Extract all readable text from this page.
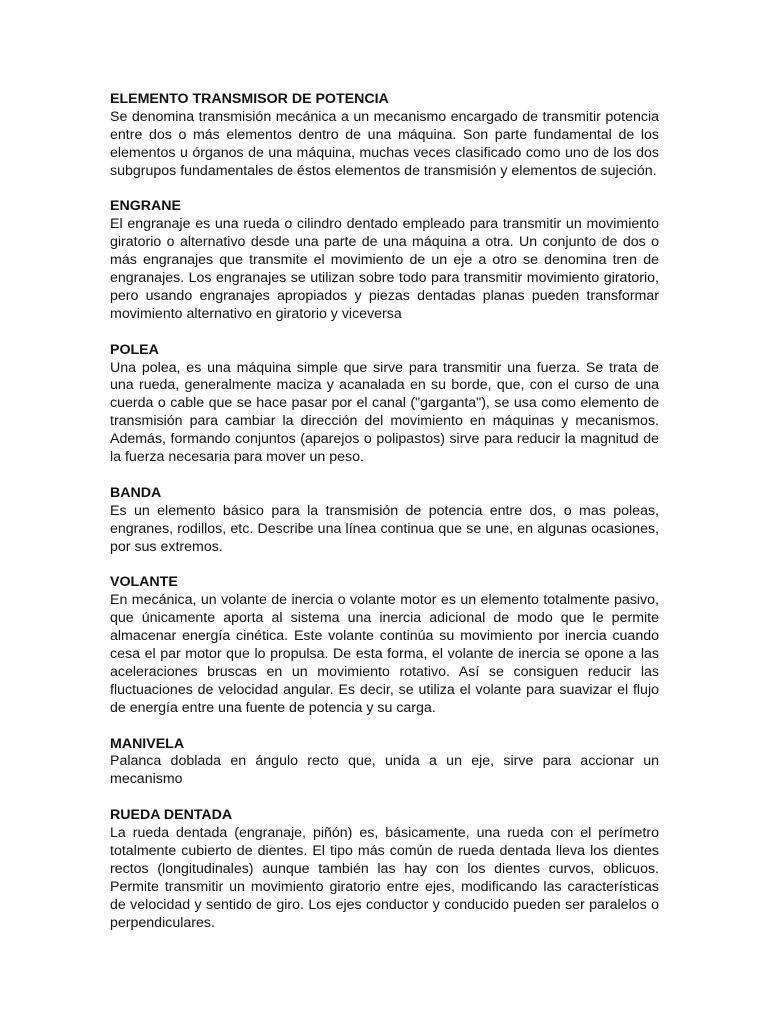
ELEMENTO TRANSMISOR DE POTENCIA

Se denomina transmisión mecánica a un mecanismo encargado de transmitir potencia entre dos o más elementos dentro de una máquina. Son parte fundamental de los elementos u órganos de una máquina, muchas veces clasificado como uno de los dos subgrupos fundamentales de éstos elementos de transmisión y elementos de sujeción.

ENGRANE

El engranaje es una rueda o cilindro dentado empleado para transmitir un movimiento giratorio o alternativo desde una parte de una máquina a otra. Un conjunto de dos o más engranajes que transmite el movimiento de un eje a otro se denomina tren de engranajes. Los engranajes se utilizan sobre todo para transmitir movimiento giratorio, pero usando engranajes apropiados y piezas dentadas planas pueden transformar movimiento alternativo en giratorio y viceversa

POLEA

Una polea, es una máquina simple que sirve para transmitir una fuerza. Se trata de una rueda, generalmente maciza y acanalada en su borde, que, con el curso de una cuerda o cable que se hace pasar por el canal ("garganta"), se usa como elemento de transmisión para cambiar la dirección del movimiento en máquinas y mecanismos. Además, formando conjuntos (aparejos o polipastos) sirve para reducir la magnitud de la fuerza necesaria para mover un peso.

BANDA

Es un elemento básico para la transmisión de potencia entre dos, o mas poleas, engranes, rodillos, etc. Describe una línea continua que se une, en algunas ocasiones, por sus extremos.

VOLANTE

En mecánica, un volante de inercia o volante motor es un elemento totalmente pasivo, que únicamente aporta al sistema una inercia adicional de modo que le permite almacenar energía cinética. Este volante continúa su movimiento por inercia cuando cesa el par motor que lo propulsa. De esta forma, el volante de inercia se opone a las aceleraciones bruscas en un movimiento rotativo. Así se consiguen reducir las fluctuaciones de velocidad angular. Es decir, se utiliza el volante para suavizar el flujo de energía entre una fuente de potencia y su carga.

MANIVELA

Palanca doblada en ángulo recto que, unida a un eje, sirve para accionar un mecanismo

RUEDA DENTADA

La rueda dentada (engranaje, piñón) es, básicamente, una rueda con el perímetro totalmente cubierto de dientes. El tipo más común de rueda dentada lleva los dientes rectos (longitudinales) aunque también las hay con los dientes curvos, oblicuos. Permite transmitir un movimiento giratorio entre ejes, modificando las características de velocidad y sentido de giro. Los ejes conductor y conducido pueden ser paralelos o perpendiculares.
